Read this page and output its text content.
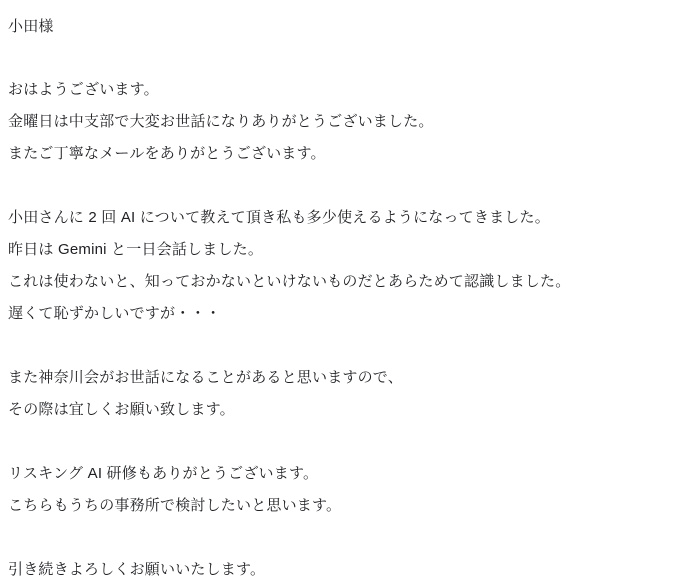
小田様
おはようございます。
金曜日は中支部で大変お世話になりありがとうございました。
またご丁寧なメールをありがとうございます。
小田さんに 2 回 AI について教えて頂き私も多少使えるようになってきました。
昨日は Gemini と一日会話しました。
これは使わないと、知っておかないといけないものだとあらためて認識しました。
遅くて恥ずかしいですが・・・
また神奈川会がお世話になることがあると思いますので、
その際は宜しくお願い致します。
リスキング AI 研修もありがとうございます。
こちらもうちの事務所で検討したいと思います。
引き続きよろしくお願いいたします。
